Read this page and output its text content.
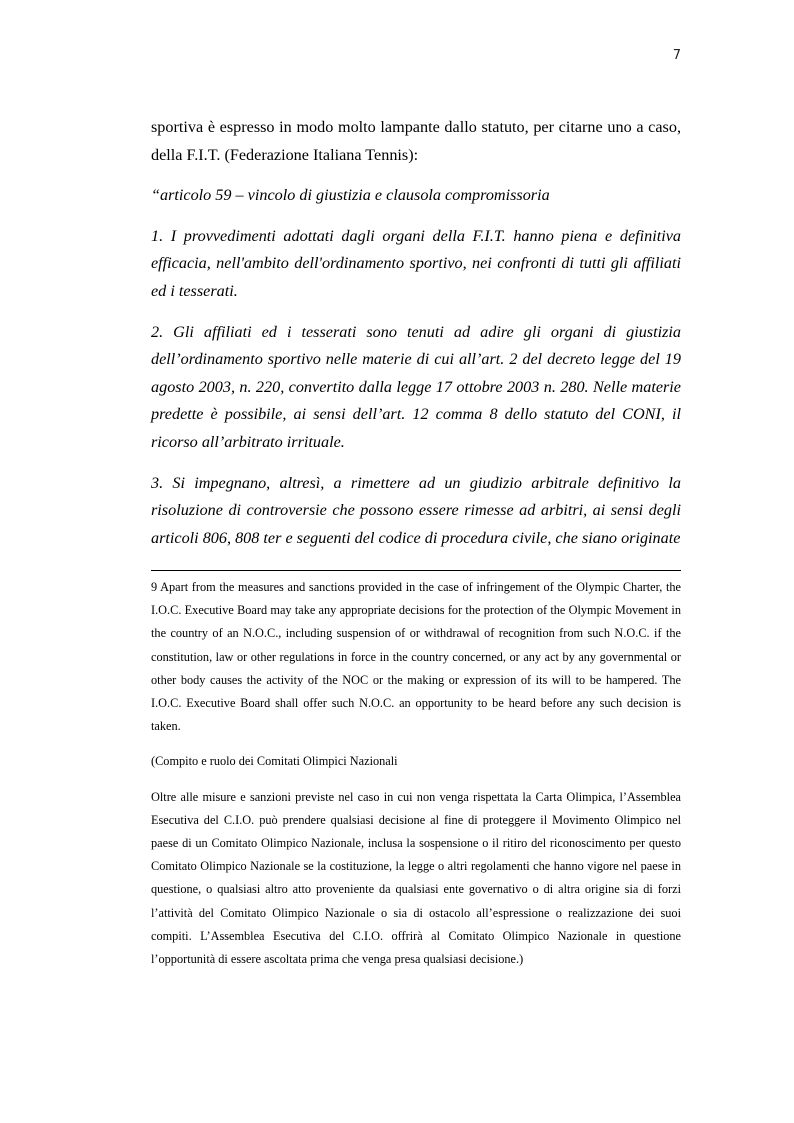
7

sportiva è espresso in modo molto lampante dallo statuto, per citarne uno a caso, della F.I.T. (Federazione Italiana Tennis):

“articolo 59 – vincolo di giustizia e clausola compromissoria

1. I provvedimenti adottati dagli organi della F.I.T. hanno piena e definitiva efficacia, nell'ambito dell'ordinamento sportivo, nei confronti di tutti gli affiliati ed i tesserati.

2. Gli affiliati ed i tesserati sono tenuti ad adire gli organi di giustizia dell’ordinamento sportivo nelle materie di cui all’art. 2 del decreto legge del 19 agosto 2003, n. 220, convertito dalla legge 17 ottobre 2003 n. 280. Nelle materie predette è possibile, ai sensi dell’art. 12 comma 8 dello statuto del CONI, il ricorso all’arbitrato irrituale.

3. Si impegnano, altresì, a rimettere ad un giudizio arbitrale definitivo la risoluzione di controversie che possono essere rimesse ad arbitri, ai sensi degli articoli 806, 808 ter e seguenti del codice di procedura civile, che siano originate

9 Apart from the measures and sanctions provided in the case of infringement of the Olympic Charter, the I.O.C. Executive Board may take any appropriate decisions for the protection of the Olympic Movement in the country of an N.O.C., including suspension of or withdrawal of recognition from such N.O.C. if the constitution, law or other regulations in force in the country concerned, or any act by any governmental or other body causes the activity of the NOC or the making or expression of its will to be hampered. The I.O.C. Executive Board shall offer such N.O.C. an opportunity to be heard before any such decision is taken.

(Compito e ruolo dei Comitati Olimpici Nazionali

Oltre alle misure e sanzioni previste nel caso in cui non venga rispettata la Carta Olimpica, l’Assemblea Esecutiva del C.I.O. può prendere qualsiasi decisione al fine di proteggere il Movimento Olimpico nel paese di un Comitato Olimpico Nazionale, inclusa la sospensione o il ritiro del riconoscimento per questo Comitato Olimpico Nazionale se la costituzione, la legge o altri regolamenti che hanno vigore nel paese in questione, o qualsiasi altro atto proveniente da qualsiasi ente governativo o di altra origine sia di forzi l’attività del Comitato Olimpico Nazionale o sia di ostacolo all’espressione o realizzazione dei suoi compiti. L’Assemblea Esecutiva del C.I.O. offrirà al Comitato Olimpico Nazionale in questione l’opportunità di essere ascoltata prima che venga presa qualsiasi decisione.)
